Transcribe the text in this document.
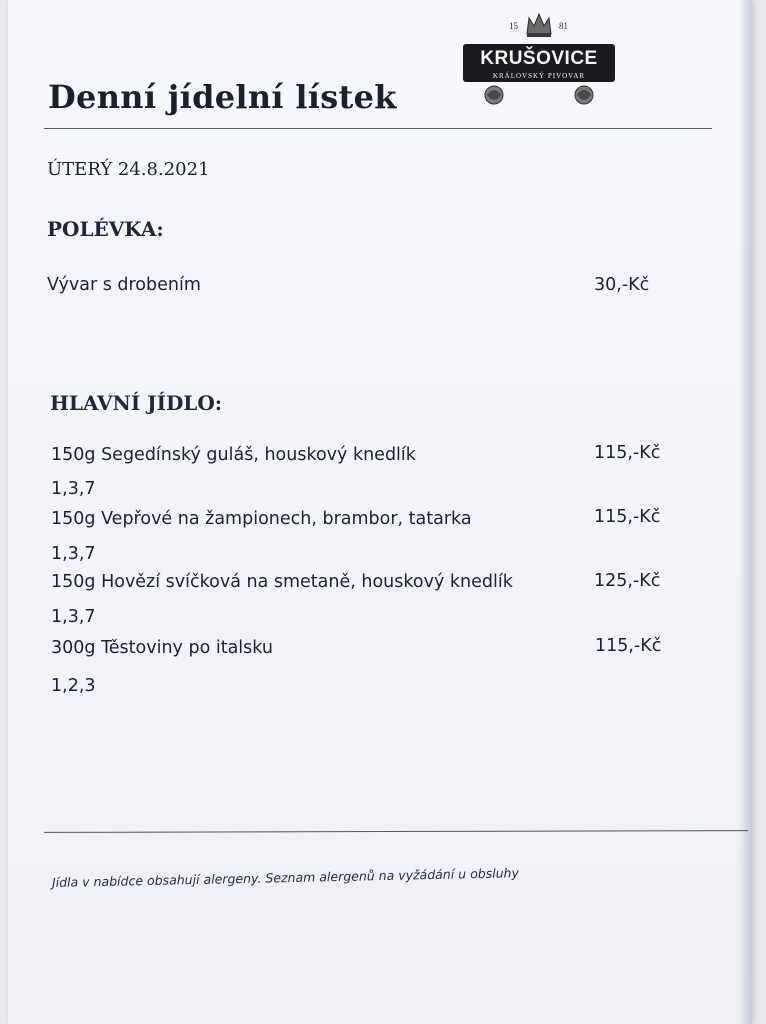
15	81
KRUŠOVICE
KRÁLOVSKÝ PIVOVAR
Denní jídelní lístek
ÚTERÝ 24.8.2021
POLÉVKA:
Vývar s drobením	30,-Kč
HLAVNÍ JÍDLO:
150g Segedínský guláš, houskový knedlík	115,-Kč
1,3,7
150g Vepřové na žampionech, brambor, tatarka	115,-Kč
1,3,7
150g Hovězí svíčková na smetaně, houskový knedlík	125,-Kč
1,3,7
300g Těstoviny po italsku	115,-Kč
1,2,3
Jídla v nabídce obsahují alergeny. Seznam alergenů na vyžádání u obsluhy
